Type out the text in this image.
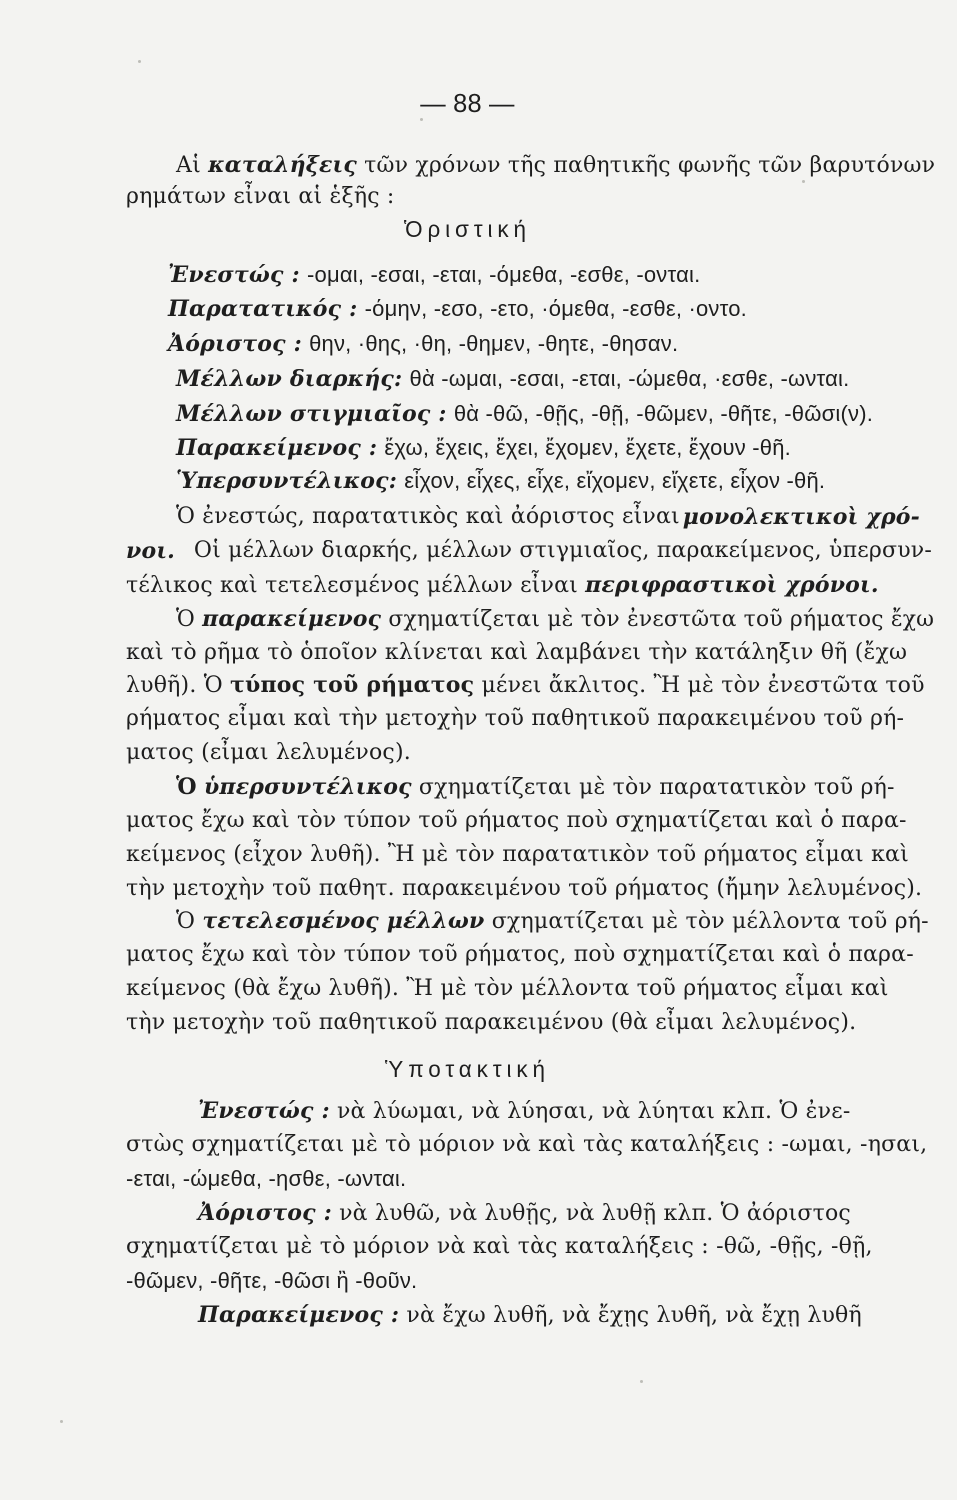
— 88 —
Αἱ καταλήξεις τῶν χρόνων τῆς παθητικῆς φωνῆς τῶν βαρυτόνων
ρημάτων εἶναι αἱ ἑξῆς :
Ὁριστική
Ἐνεστώς : -ομαι, -εσαι, -εται, -όμεθα, -εσθε, -ονται.
Παρατατικός : -όμην, -εσο, -ετο, ·όμεθα, -εσθε, ·οντο.
Ἀόριστος : θην, ·θης, ·θη, -θημεν, -θητε, -θησαν.
Μέλλων διαρκής: θὰ -ωμαι, -εσαι, -εται, -ώμεθα, ·εσθε, -ωνται.
Μέλλων στιγμιαῖος : θὰ -θῶ, -θῇς, -θῇ, -θῶμεν, -θῆτε, -θῶσι(ν).
Παρακείμενος : ἔχω, ἔχεις, ἔχει, ἔχομεν, ἔχετε, ἔχουν -θῆ.
Ὑπερσυντέλικος: εἶχον, εἶχες, εἶχε, εἴχομεν, εἴχετε, εἶχον -θῆ.
Ὁ ἐνεστώς, παρατατικὸς καὶ ἀόριστος εἶναι μονολεκτικοὶ χρό-
νοι. Οἱ μέλλων διαρκής, μέλλων στιγμιαῖος, παρακείμενος, ὑπερσυν-
τέλικος καὶ τετελεσμένος μέλλων εἶναι περιφραστικοὶ χρόνοι.
Ὁ παρακείμενος σχηματίζεται μὲ τὸν ἐνεστῶτα τοῦ ρήματος ἔχω
καὶ τὸ ρῆμα τὸ ὁποῖον κλίνεται καὶ λαμβάνει τὴν κατάληξιν θῆ (ἔχω
λυθῆ). Ὁ τύπος τοῦ ρήματος μένει ἄκλιτος. Ἢ μὲ τὸν ἐνεστῶτα τοῦ
ρήματος εἶμαι καὶ τὴν μετοχὴν τοῦ παθητικοῦ παρακειμένου τοῦ ρή-
ματος (εἶμαι λελυμένος).
Ὁ ὑπερσυντέλικος σχηματίζεται μὲ τὸν παρατατικὸν τοῦ ρή-
ματος ἔχω καὶ τὸν τύπον τοῦ ρήματος ποὺ σχηματίζεται καὶ ὁ παρα-
κείμενος (εἶχον λυθῆ). Ἢ μὲ τὸν παρατατικὸν τοῦ ρήματος εἶμαι καὶ
τὴν μετοχὴν τοῦ παθητ. παρακειμένου τοῦ ρήματος (ἤμην λελυμένος).
Ὁ τετελεσμένος μέλλων σχηματίζεται μὲ τὸν μέλλοντα τοῦ ρή-
ματος ἔχω καὶ τὸν τύπον τοῦ ρήματος, ποὺ σχηματίζεται καὶ ὁ παρα-
κείμενος (θὰ ἔχω λυθῆ). Ἢ μὲ τὸν μέλλοντα τοῦ ρήματος εἶμαι καὶ
τὴν μετοχὴν τοῦ παθητικοῦ παρακειμένου (θὰ εἶμαι λελυμένος).
Ὑποτακτική
Ἐνεστώς : νὰ λύωμαι, νὰ λύησαι, νὰ λύηται κλπ. Ὁ ἐνε-
στὼς σχηματίζεται μὲ τὸ μόριον νὰ καὶ τὰς καταλήξεις : -ωμαι, -ησαι,
-εται, -ώμεθα, -ησθε, -ωνται.
Ἀόριστος : νὰ λυθῶ, νὰ λυθῇς, νὰ λυθῇ κλπ. Ὁ ἀόριστος
σχηματίζεται μὲ τὸ μόριον νὰ καὶ τὰς καταλήξεις : -θῶ, -θῇς, -θῇ,
-θῶμεν, -θῆτε, -θῶσι ἢ -θοῦν.
Παρακείμενος : νὰ ἔχω λυθῆ, νὰ ἔχῃς λυθῆ, νὰ ἔχῃ λυθῆ
